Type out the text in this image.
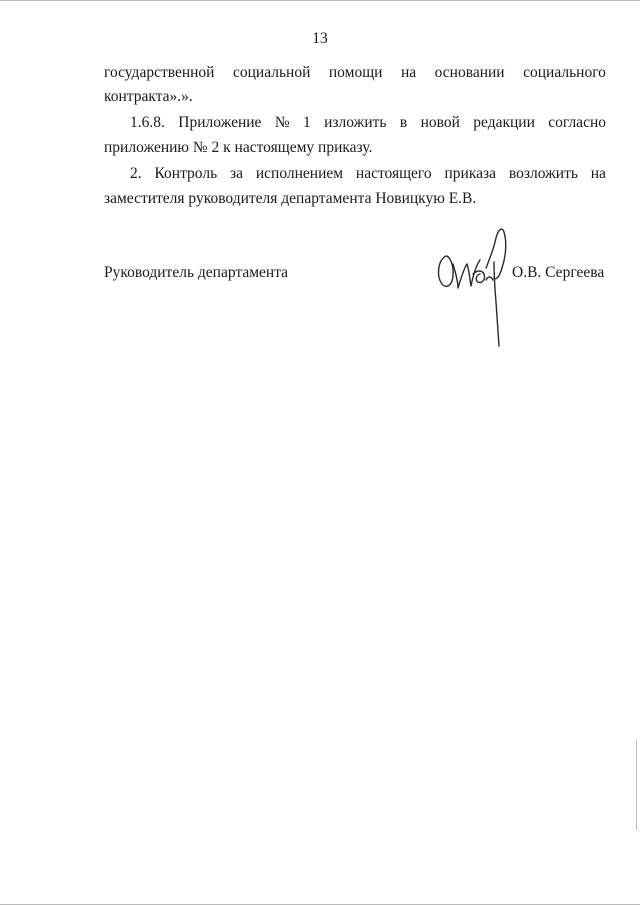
13
государственной социальной помощи на основании социального
контракта».».
1.6.8. Приложение № 1 изложить в новой редакции согласно
приложению № 2 к настоящему приказу.
2. Контроль за исполнением настоящего приказа возложить на
заместителя руководителя департамента Новицкую Е.В.
Руководитель департамента	О.В. Сергеева
